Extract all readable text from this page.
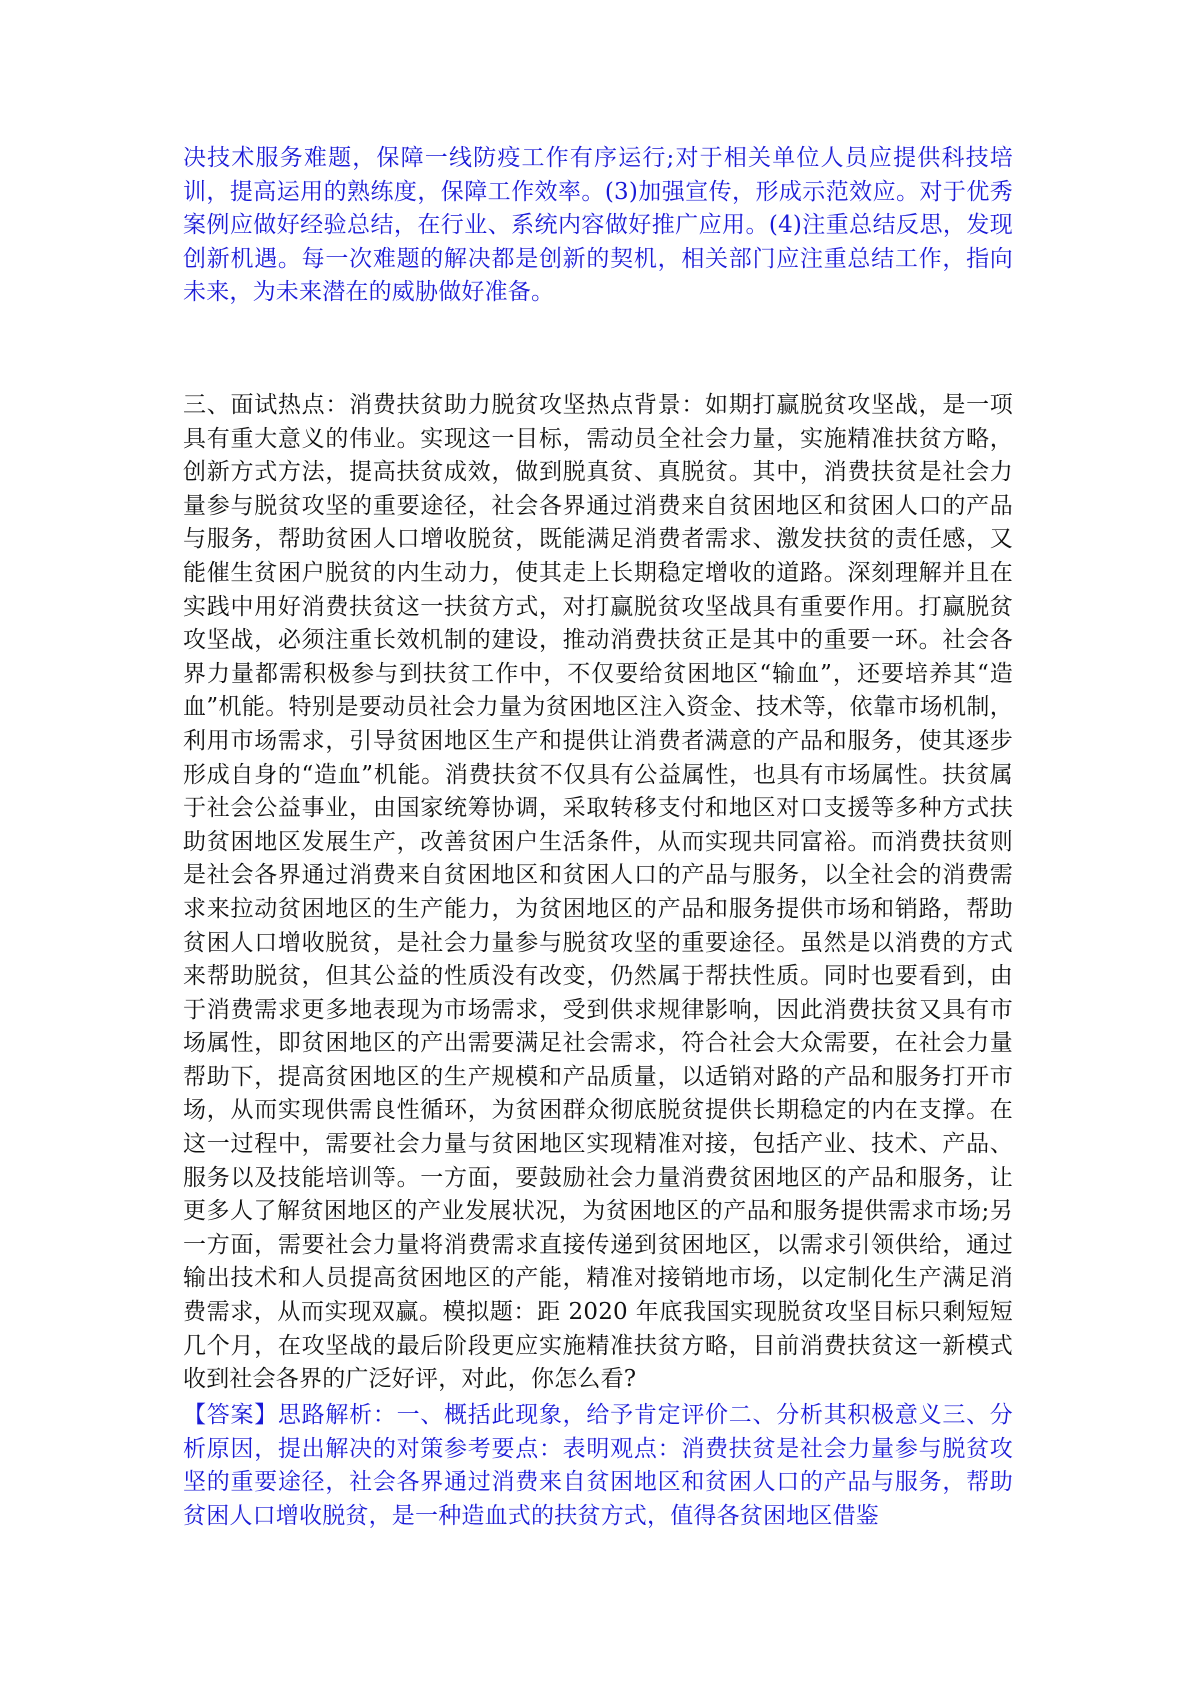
决技术服务难题，保障一线防疫工作有序运行;对于相关单位人员应提供科技培训，提高运用的熟练度，保障工作效率。(3)加强宣传，形成示范效应。对于优秀案例应做好经验总结，在行业、系统内容做好推广应用。(4)注重总结反思，发现创新机遇。每一次难题的解决都是创新的契机，相关部门应注重总结工作，指向未来，为未来潜在的威胁做好准备。

三、面试热点：消费扶贫助力脱贫攻坚热点背景：如期打赢脱贫攻坚战，是一项具有重大意义的伟业。实现这一目标，需动员全社会力量，实施精准扶贫方略，创新方式方法，提高扶贫成效，做到脱真贫、真脱贫。其中，消费扶贫是社会力量参与脱贫攻坚的重要途径，社会各界通过消费来自贫困地区和贫困人口的产品与服务，帮助贫困人口增收脱贫，既能满足消费者需求、激发扶贫的责任感，又能催生贫困户脱贫的内生动力，使其走上长期稳定增收的道路。深刻理解并且在实践中用好消费扶贫这一扶贫方式，对打赢脱贫攻坚战具有重要作用。打赢脱贫攻坚战，必须注重长效机制的建设，推动消费扶贫正是其中的重要一环。社会各界力量都需积极参与到扶贫工作中，不仅要给贫困地区“输血”，还要培养其“造血”机能。特别是要动员社会力量为贫困地区注入资金、技术等，依靠市场机制，利用市场需求，引导贫困地区生产和提供让消费者满意的产品和服务，使其逐步形成自身的“造血”机能。消费扶贫不仅具有公益属性，也具有市场属性。扶贫属于社会公益事业，由国家统筹协调，采取转移支付和地区对口支援等多种方式扶助贫困地区发展生产，改善贫困户生活条件，从而实现共同富裕。而消费扶贫则是社会各界通过消费来自贫困地区和贫困人口的产品与服务，以全社会的消费需求来拉动贫困地区的生产能力，为贫困地区的产品和服务提供市场和销路，帮助贫困人口增收脱贫，是社会力量参与脱贫攻坚的重要途径。虽然是以消费的方式来帮助脱贫，但其公益的性质没有改变，仍然属于帮扶性质。同时也要看到，由于消费需求更多地表现为市场需求，受到供求规律影响，因此消费扶贫又具有市场属性，即贫困地区的产出需要满足社会需求，符合社会大众需要，在社会力量帮助下，提高贫困地区的生产规模和产品质量，以适销对路的产品和服务打开市场，从而实现供需良性循环，为贫困群众彻底脱贫提供长期稳定的内在支撑。在这一过程中，需要社会力量与贫困地区实现精准对接，包括产业、技术、产品、服务以及技能培训等。一方面，要鼓励社会力量消费贫困地区的产品和服务，让更多人了解贫困地区的产业发展状况，为贫困地区的产品和服务提供需求市场;另一方面，需要社会力量将消费需求直接传递到贫困地区，以需求引领供给，通过输出技术和人员提高贫困地区的产能，精准对接销地市场，以定制化生产满足消费需求，从而实现双赢。模拟题：距 2020 年底我国实现脱贫攻坚目标只剩短短几个月，在攻坚战的最后阶段更应实施精准扶贫方略，目前消费扶贫这一新模式收到社会各界的广泛好评，对此，你怎么看?

【答案】思路解析：一、概括此现象，给予肯定评价二、分析其积极意义三、分析原因，提出解决的对策参考要点：表明观点：消费扶贫是社会力量参与脱贫攻坚的重要途径，社会各界通过消费来自贫困地区和贫困人口的产品与服务，帮助贫困人口增收脱贫，是一种造血式的扶贫方式，值得各贫困地区借鉴
